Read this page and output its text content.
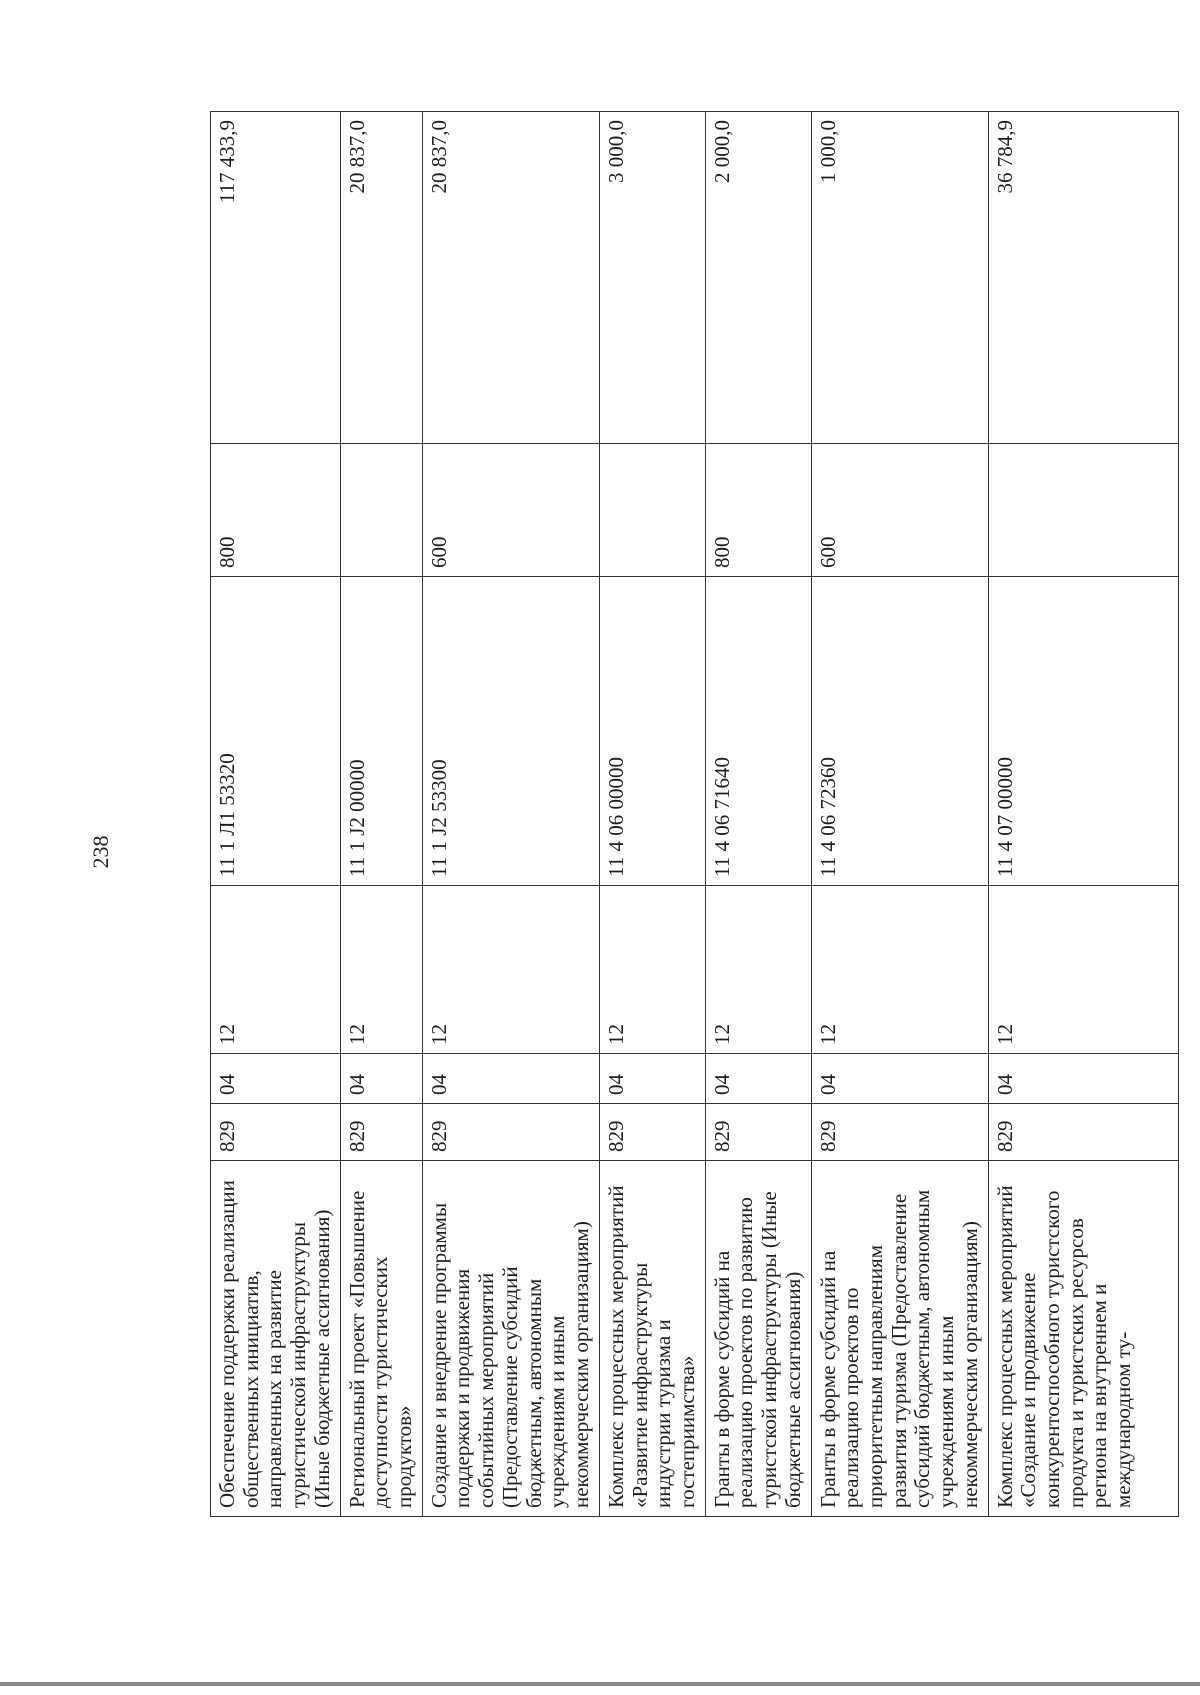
238
Обеспечение поддержки реализации общественных инициатив, направленных на развитие туристической инфраструктуры (Иные бюджетные ассигнования)	829	04	12	11 1 Л1 53320	800	117 433,9
Региональный проект «Повышение доступности туристических продуктов»	829	04	12	11 1 J2 00000		20 837,0
Создание и внедрение программы поддержки и продвижения событийных мероприятий (Предоставление субсидий бюджетным, автономным учреждениям и иным некоммерческим организациям)	829	04	12	11 1 J2 53300	600	20 837,0
Комплекс процессных мероприятий «Развитие инфраструктуры индустрии туризма и гостеприимства»	829	04	12	11 4 06 00000		3 000,0
Гранты в форме субсидий на реализацию проектов по развитию туристской инфраструктуры (Иные бюджетные ассигнования)	829	04	12	11 4 06 71640	800	2 000,0
Гранты в форме субсидий на реализацию проектов по приоритетным направлениям развития туризма (Предоставление субсидий бюджетным, автономным учреждениям и иным некоммерческим организациям)	829	04	12	11 4 06 72360	600	1 000,0
Комплекс процессных мероприятий «Создание и продвижение конкурентоспособного туристского продукта и туристских ресурсов региона на внутреннем и международном ту-	829	04	12	11 4 07 00000		36 784,9
